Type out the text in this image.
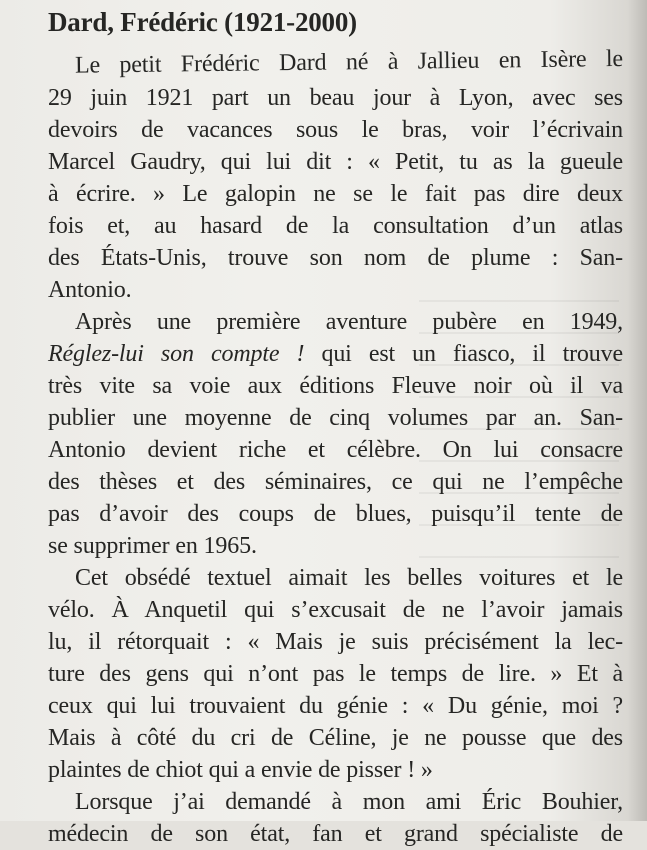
Dard, Frédéric (1921-2000)

Le petit Frédéric Dard né à Jallieu en Isère le
29 juin 1921 part un beau jour à Lyon, avec ses
devoirs de vacances sous le bras, voir l’écrivain
Marcel Gaudry, qui lui dit : « Petit, tu as la gueule
à écrire. » Le galopin ne se le fait pas dire deux
fois et, au hasard de la consultation d’un atlas
des États-Unis, trouve son nom de plume : San-
Antonio.

Après une première aventure pubère en 1949,
Réglez-lui son compte ! qui est un fiasco, il trouve
très vite sa voie aux éditions Fleuve noir où il va
publier une moyenne de cinq volumes par an. San-
Antonio devient riche et célèbre. On lui consacre
des thèses et des séminaires, ce qui ne l’empêche
pas d’avoir des coups de blues, puisqu’il tente de
se supprimer en 1965.

Cet obsédé textuel aimait les belles voitures et le
vélo. À Anquetil qui s’excusait de ne l’avoir jamais
lu, il rétorquait : « Mais je suis précisément la lec-
ture des gens qui n’ont pas le temps de lire. » Et à
ceux qui lui trouvaient du génie : « Du génie, moi ?
Mais à côté du cri de Céline, je ne pousse que des
plaintes de chiot qui a envie de pisser ! »

Lorsque j’ai demandé à mon ami Éric Bouhier,
médecin de son état, fan et grand spécialiste de
